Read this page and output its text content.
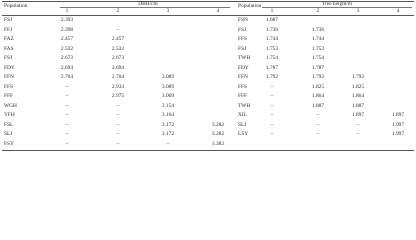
Population	DBH/cm
1	2	3	4
Population	Tree height/m
1	2	3	4
FSJ	2.393
FFJ	2.398	–
FAZ	2.457	2.457
FAS	2.532	2.532
FSJ	2.673	2.673
FDY	2.694	2.694
FFN	2.704	2.704	3.089
FFS	–	2.933	3.089
FFF	–	2.975	3.069
WGH	–	–	3.154
YFH	–	–	3.164
FSL	–	–	3.172	3.282
SLJ	–	–	3.172	3.282
FSY	–	–	–	3.382
FSN	1.687
FSJ	1.736	1.736
FFS	1.744	1.744
FSJ	1.753	1.753
TWH	1.754	1.754
FDY	1.787	1.787
FFN	1.792	1.792	1.792
FFS	–	1.825	1.825
FFF	–	1.864	1.864
TWH	–	1.887	1.887
XIL	–	–	1.897	1.897
SLJ	–	–	–	1.997
LSY	–	–	–	1.997
